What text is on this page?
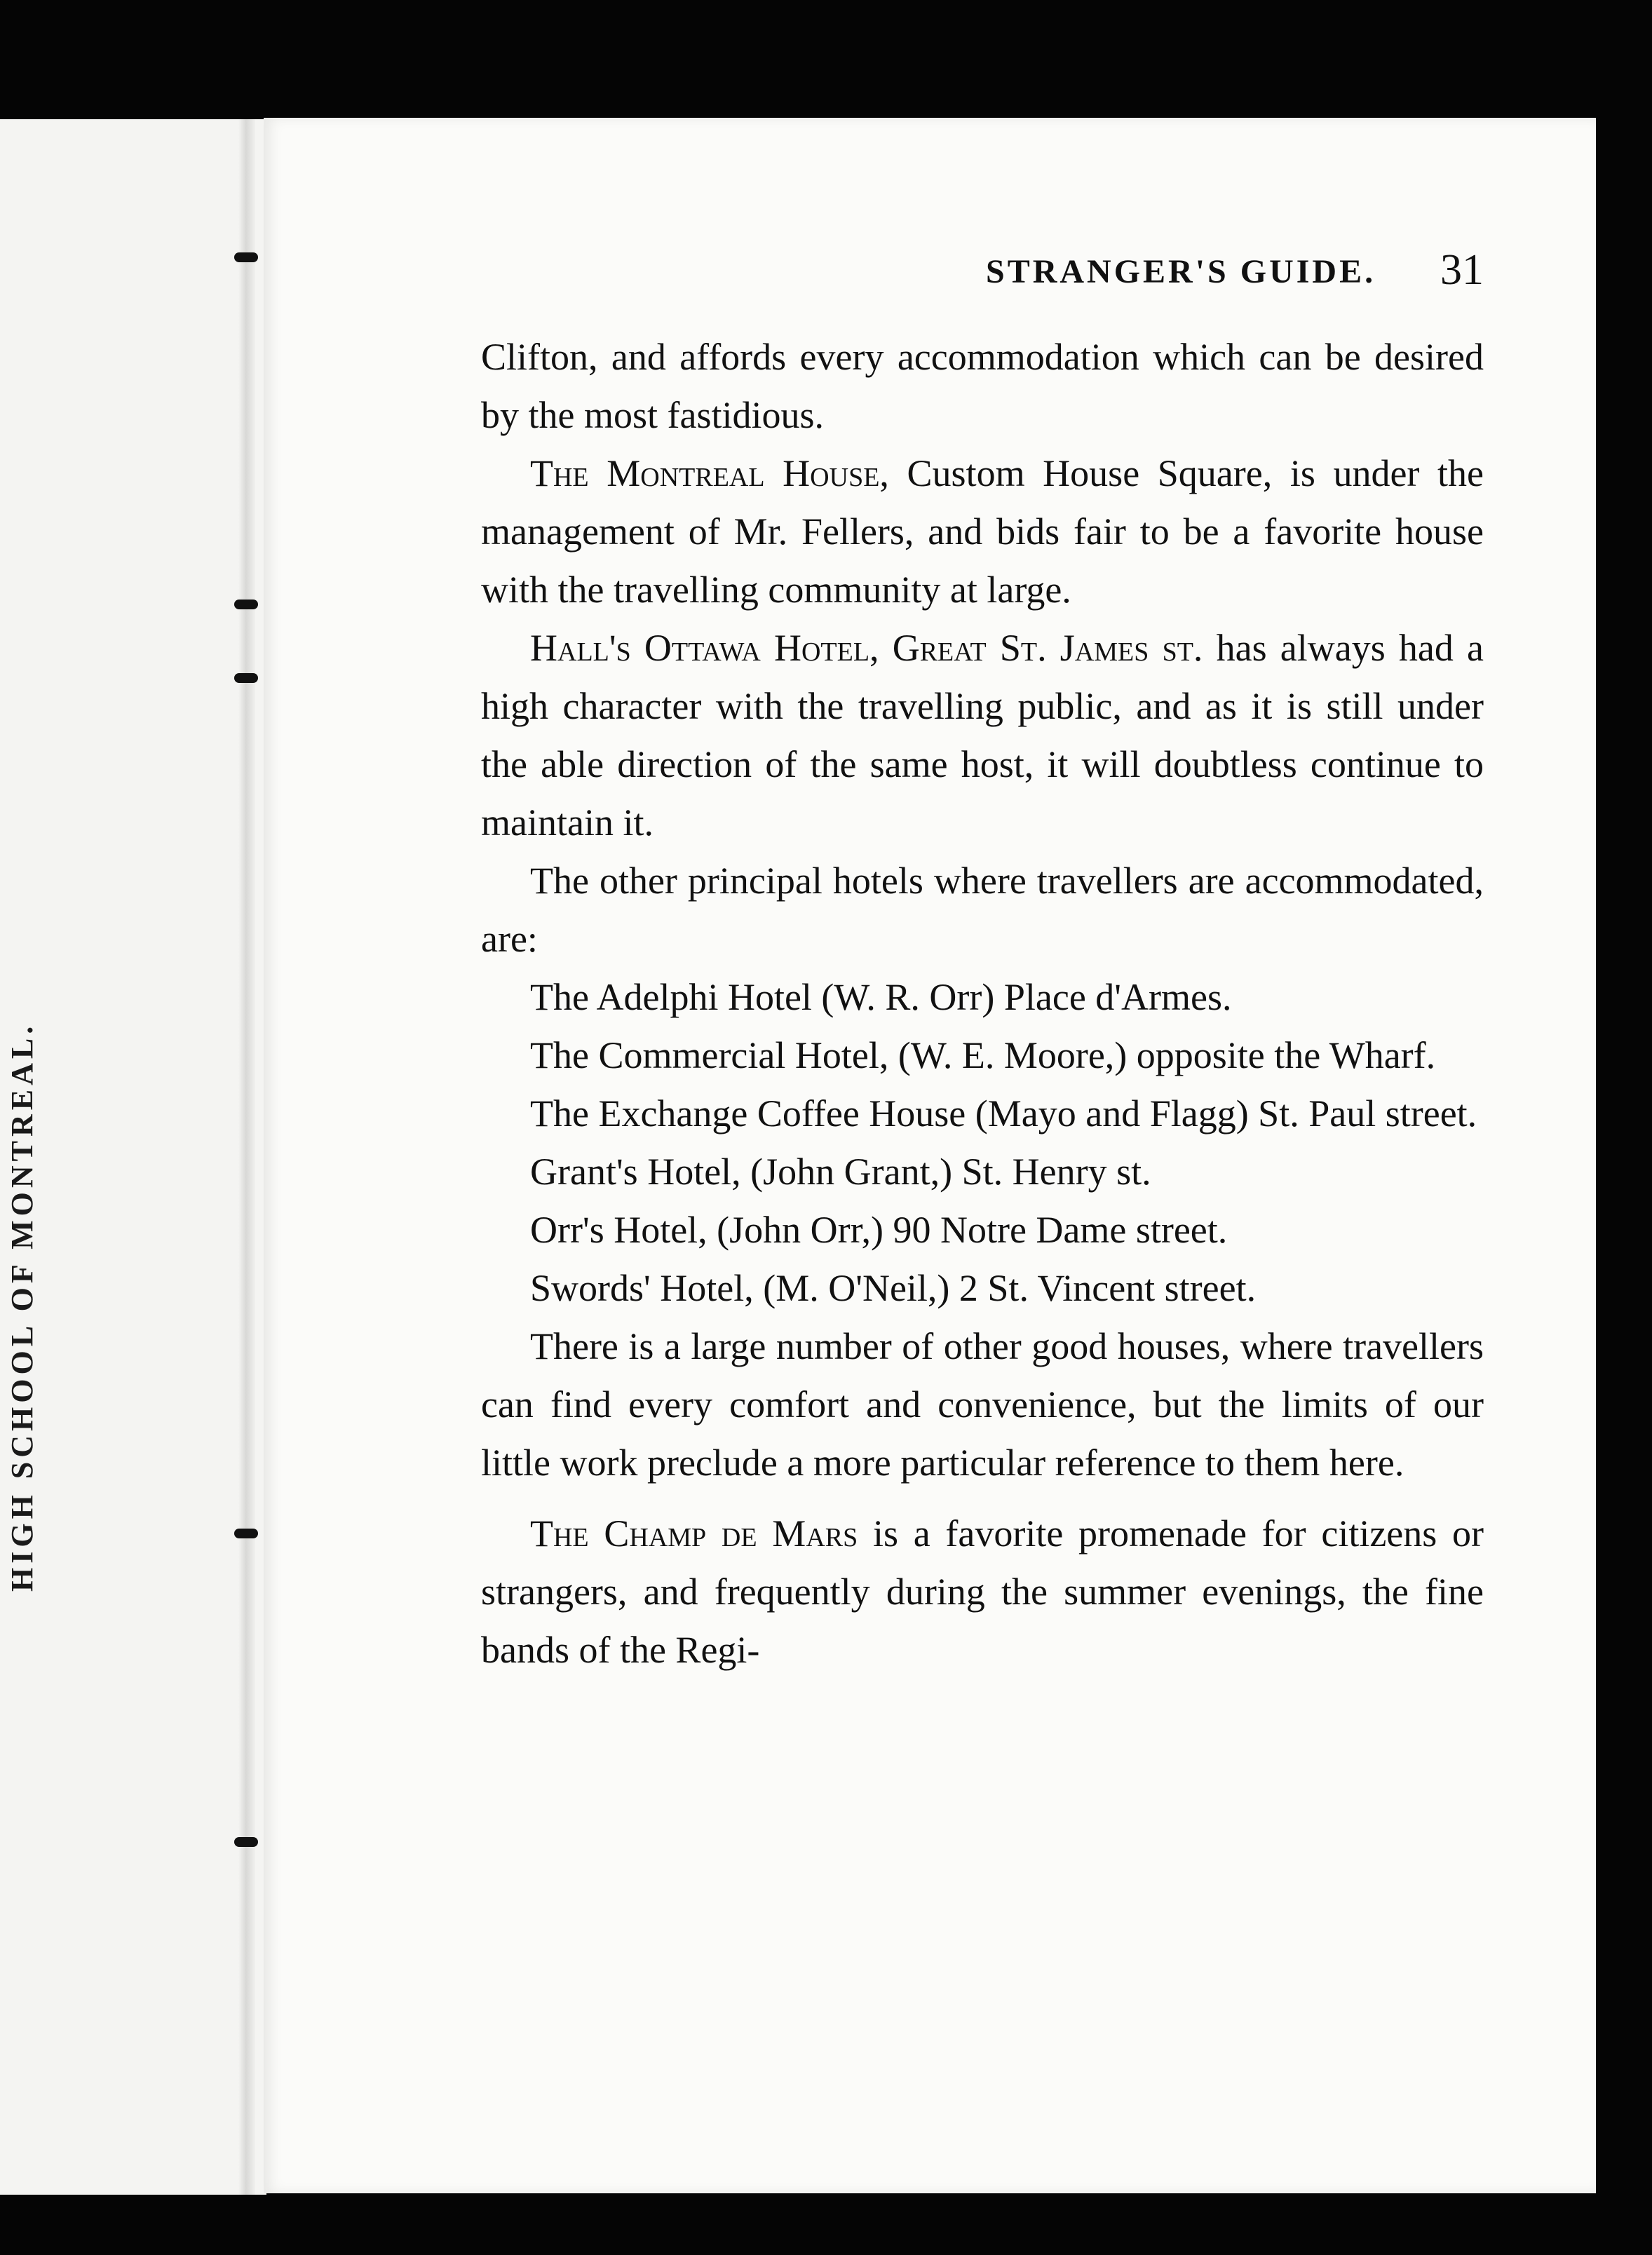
HIGH SCHOOL OF MONTREAL.
STRANGER'S GUIDE. 31

Clifton, and affords every accommodation which can be desired by the most fastidious.

The Montreal House, Custom House Square, is under the management of Mr. Fellers, and bids fair to be a favorite house with the travelling community at large.

Hall's Ottawa Hotel, Great St. James st. has always had a high character with the travelling public, and as it is still under the able direction of the same host, it will doubtless continue to maintain it.

The other principal hotels where travellers are accommodated, are:

The Adelphi Hotel (W. R. Orr) Place d'Armes.

The Commercial Hotel, (W. E. Moore,) opposite the Wharf.

The Exchange Coffee House (Mayo and Flagg) St. Paul street.

Grant's Hotel, (John Grant,) St. Henry st.

Orr's Hotel, (John Orr,) 90 Notre Dame street.

Swords' Hotel, (M. O'Neil,) 2 St. Vincent street.

There is a large number of other good houses, where travellers can find every comfort and convenience, but the limits of our little work preclude a more particular reference to them here.

The Champ de Mars is a favorite promenade for citizens or strangers, and frequently during the summer evenings, the fine bands of the Regi-
